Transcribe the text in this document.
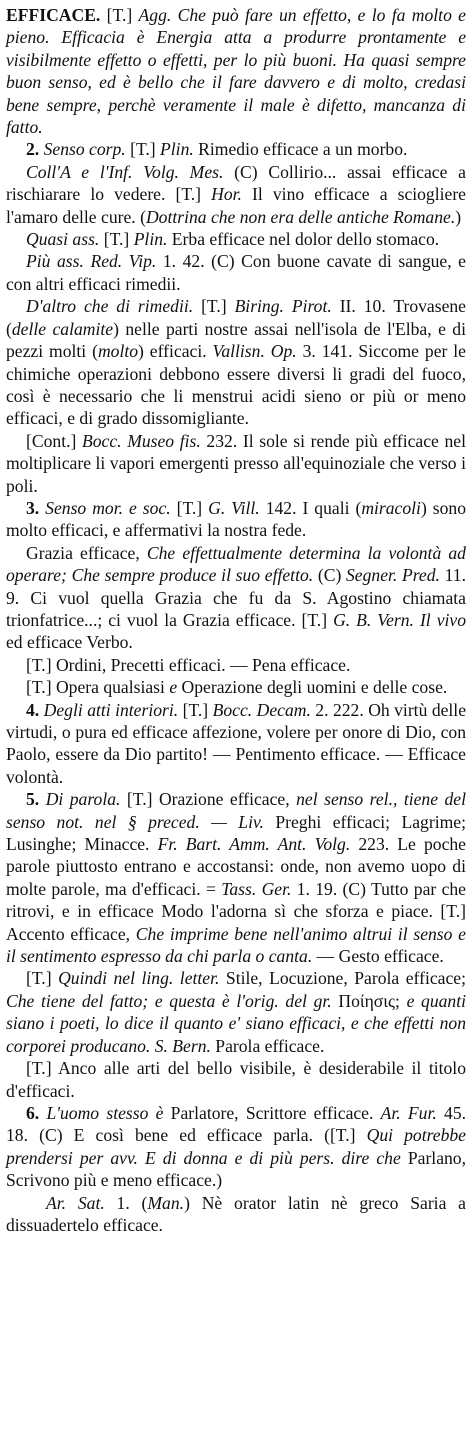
EFFICACE. [T.] Agg. Che può fare un effetto, e lo fa molto e pieno. Efficacia è Energia atta a produrre prontamente e visibilmente effetto o effetti, per lo più buoni. Ha quasi sempre buon senso, ed è bello che il fare davvero e di molto, credasi bene sempre, perchè veramente il male è difetto, mancanza di fatto.

2. Senso corp. [T.] Plin. Rimedio efficace a un morbo.

Coll'A e l'Inf. Volg. Mes. (C) Collirio... assai efficace a rischiarare lo vedere. [T.] Hor. Il vino efficace a sciogliere l'amaro delle cure. (Dottrina che non era delle antiche Romane.)

Quasi ass. [T.] Plin. Erba efficace nel dolor dello stomaco.

Più ass. Red. Vip. 1. 42. (C) Con buone cavate di sangue, e con altri efficaci rimedii.

D'altro che di rimedii. [T.] Biring. Pirot. II. 10. Trovasene (delle calamite) nelle parti nostre assai nell'isola de l'Elba, e di pezzi molti (molto) efficaci. Vallisn. Op. 3. 141. Siccome per le chimiche operazioni debbono essere diversi li gradi del fuoco, così è necessario che li menstrui acidi sieno or più or meno efficaci, e di grado dissomigliante.

[Cont.] Bocc. Museo fis. 232. Il sole si rende più efficace nel moltiplicare li vapori emergenti presso all'equinoziale che verso i poli.

3. Senso mor. e soc. [T.] G. Vill. 142. I quali (miracoli) sono molto efficaci, e affermativi la nostra fede.

Grazia efficace, Che effettualmente determina la volontà ad operare; Che sempre produce il suo effetto. (C) Segner. Pred. 11. 9. Ci vuol quella Grazia che fu da S. Agostino chiamata trionfatrice...; ci vuol la Grazia efficace. [T.] G. B. Vern. Il vivo ed efficace Verbo.

[T.] Ordini, Precetti efficaci. — Pena efficace.

[T.] Opera qualsiasi e Operazione degli uomini e delle cose.

4. Degli atti interiori. [T.] Bocc. Decam. 2. 222. Oh virtù delle virtudi, o pura ed efficace affezione, volere per onore di Dio, con Paolo, essere da Dio partito! — Pentimento efficace. — Efficace volontà.

5. Di parola. [T.] Orazione efficace, nel senso rel., tiene del senso not. nel § preced. — Liv. Preghi efficaci; Lagrime; Lusinghe; Minacce. Fr. Bart. Amm. Ant. Volg. 223. Le poche parole piuttosto entrano e accostansi: onde, non avemo uopo di molte parole, ma d'efficaci. = Tass. Ger. 1. 19. (C) Tutto par che ritrovi, e in efficace Modo l'adorna sì che sforza e piace. [T.] Accento efficace, Che imprime bene nell'animo altrui il senso e il sentimento espresso da chi parla o canta. — Gesto efficace.

[T.] Quindi nel ling. letter. Stile, Locuzione, Parola efficace; Che tiene del fatto; e questa è l'orig. del gr. Ποίησις; e quanti siano i poeti, lo dice il quanto e' siano efficaci, e che effetti non corporei producano. S. Bern. Parola efficace.

[T.] Anco alle arti del bello visibile, è desiderabile il titolo d'efficaci.

6. L'uomo stesso è Parlatore, Scrittore efficace. Ar. Fur. 45. 18. (C) E così bene ed efficace parla. ([T.] Qui potrebbe prendersi per avv. E di donna e di più pers. dire che Parlano, Scrivono più e meno efficace.)

Ar. Sat. 1. (Man.) Nè orator latin nè greco Saria a dissuadertelo efficace.
